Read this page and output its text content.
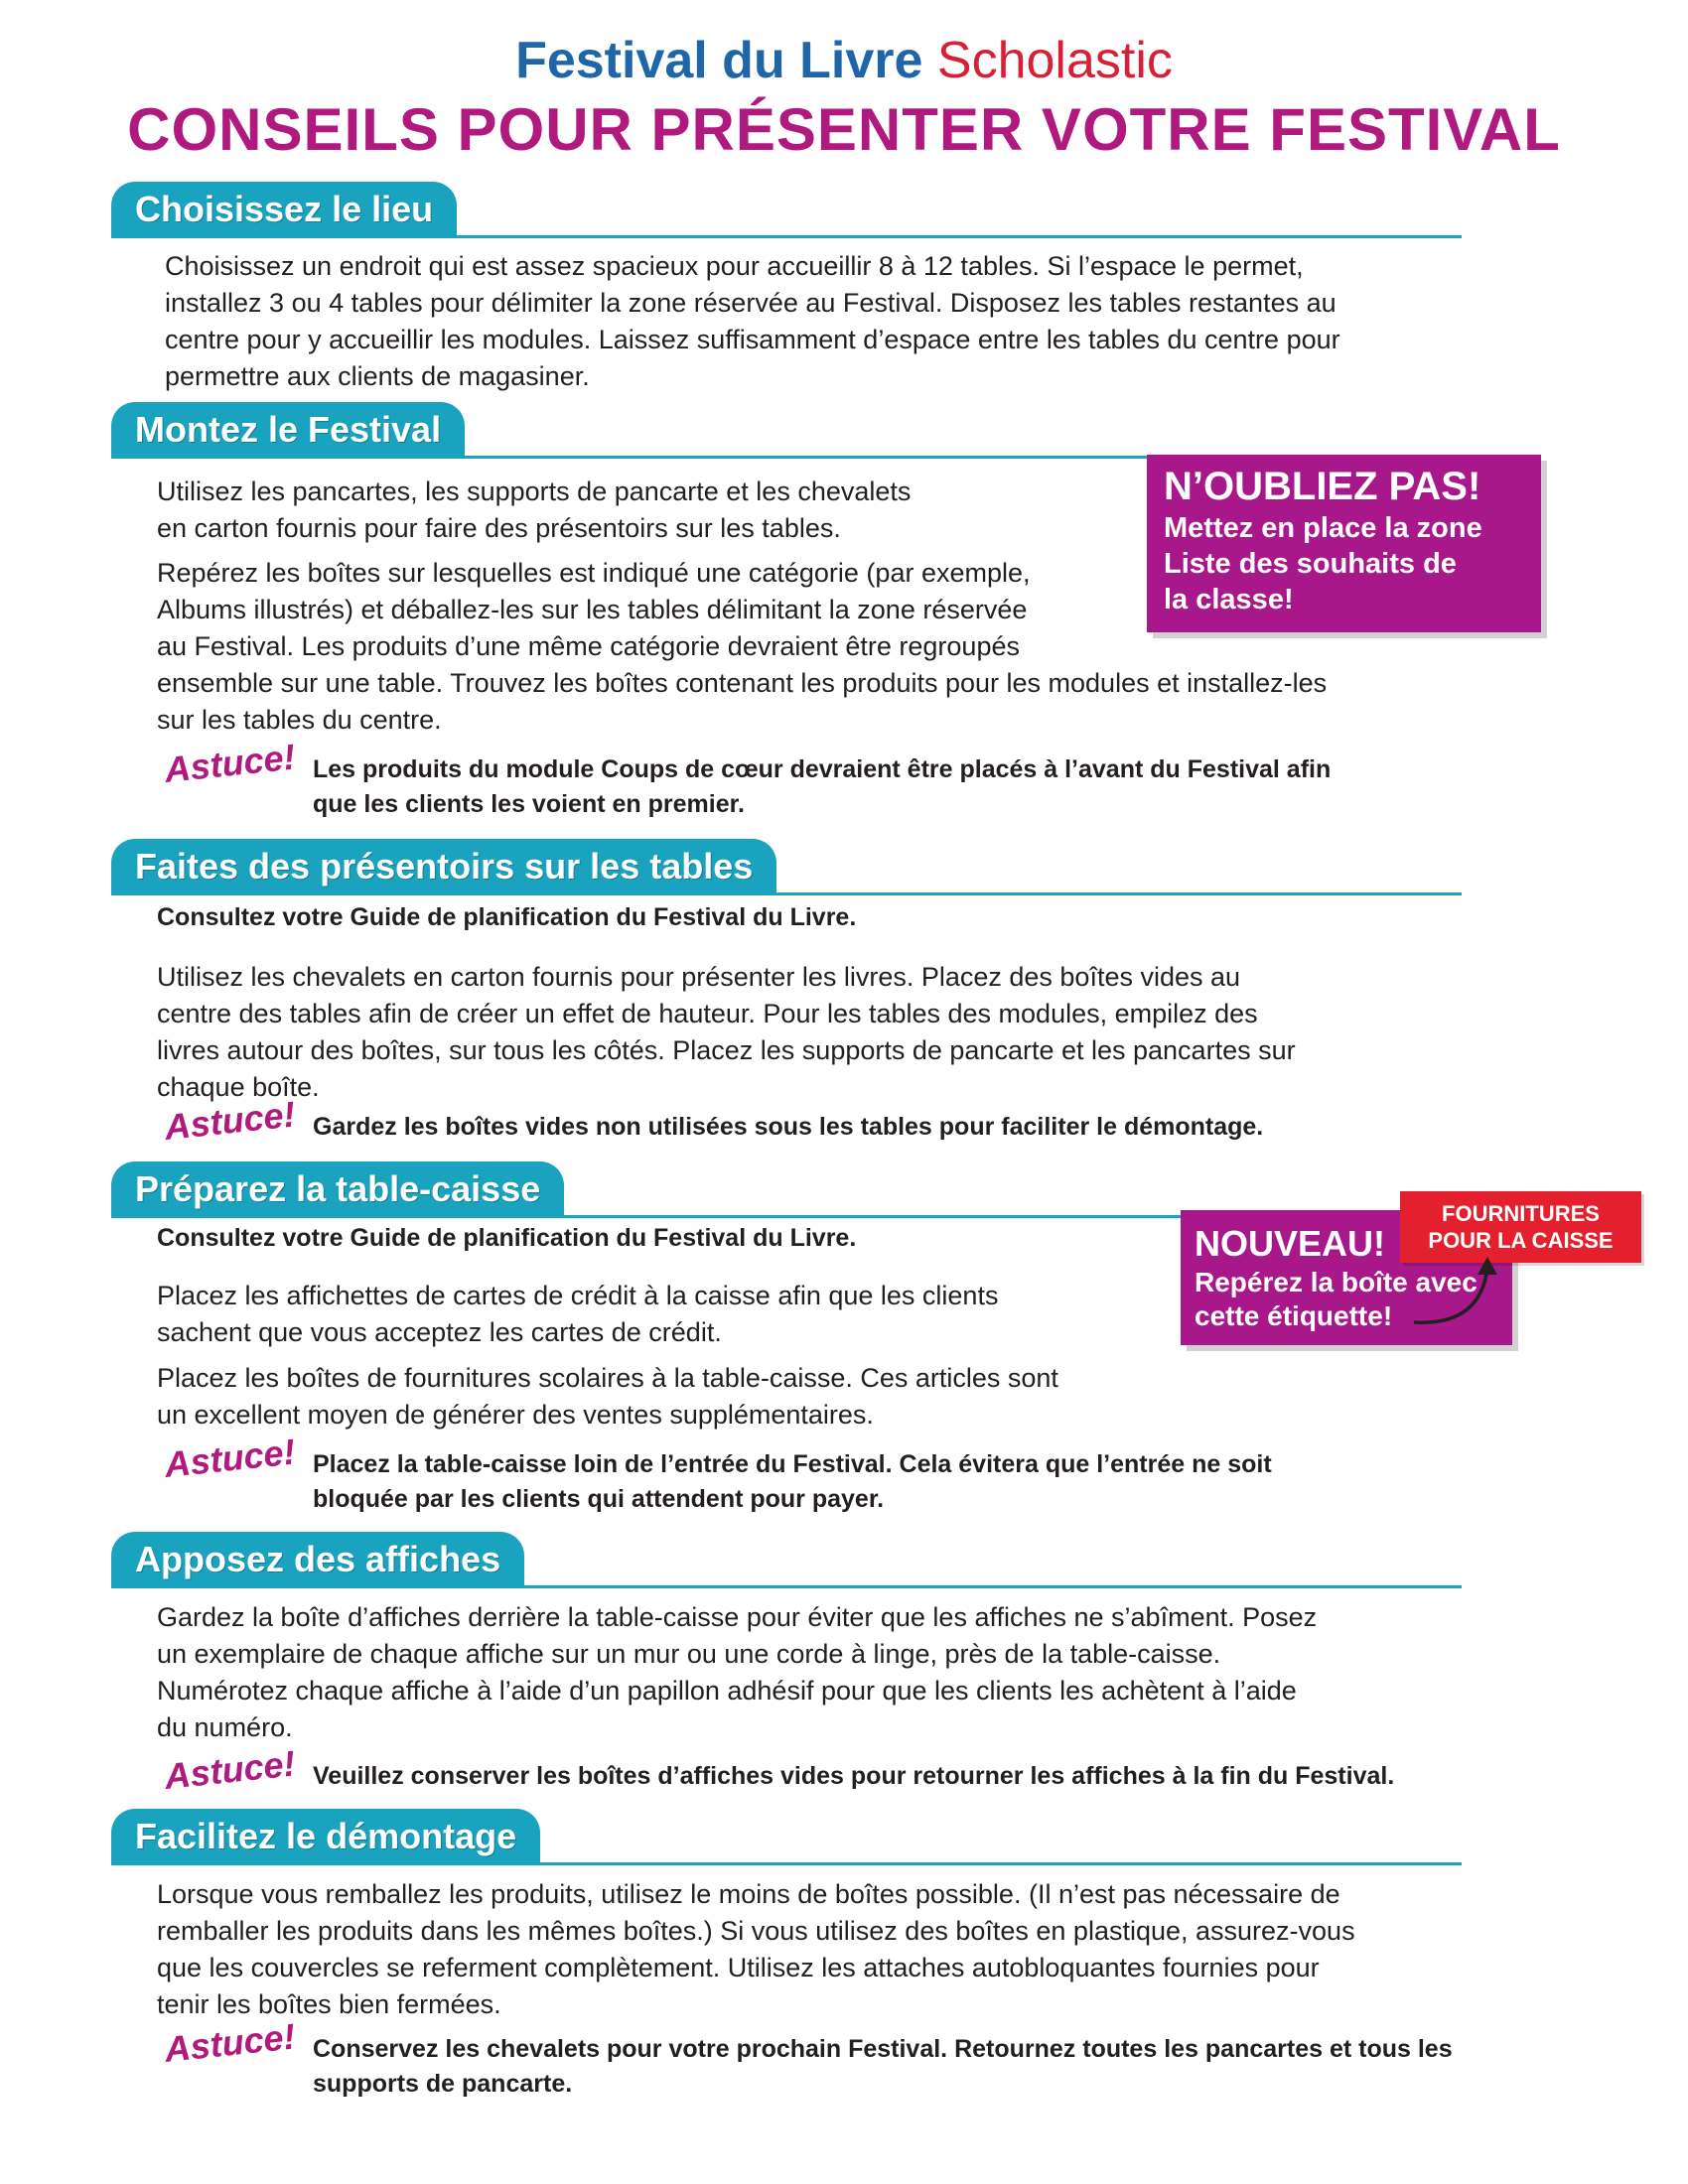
Festival du Livre Scholastic
CONSEILS POUR PRÉSENTER VOTRE FESTIVAL
Choisissez le lieu
Choisissez un endroit qui est assez spacieux pour accueillir 8 à 12 tables. Si l’espace le permet,
installez 3 ou 4 tables pour délimiter la zone réservée au Festival. Disposez les tables restantes au
centre pour y accueillir les modules. Laissez suffisamment d’espace entre les tables du centre pour
permettre aux clients de magasiner.
Montez le Festival
Utilisez les pancartes, les supports de pancarte et les chevalets
en carton fournis pour faire des présentoirs sur les tables.
Repérez les boîtes sur lesquelles est indiqué une catégorie (par exemple,
Albums illustrés) et déballez-les sur les tables délimitant la zone réservée
au Festival. Les produits d’une même catégorie devraient être regroupés
ensemble sur une table. Trouvez les boîtes contenant les produits pour les modules et installez-les
sur les tables du centre.
N’OUBLIEZ PAS!
Mettez en place la zone
Liste des souhaits de
la classe!
Astuce! Les produits du module Coups de cœur devraient être placés à l’avant du Festival afin
que les clients les voient en premier.
Faites des présentoirs sur les tables
Consultez votre Guide de planification du Festival du Livre.
Utilisez les chevalets en carton fournis pour présenter les livres. Placez des boîtes vides au
centre des tables afin de créer un effet de hauteur. Pour les tables des modules, empilez des
livres autour des boîtes, sur tous les côtés. Placez les supports de pancarte et les pancartes sur
chaque boîte.
Astuce! Gardez les boîtes vides non utilisées sous les tables pour faciliter le démontage.
Préparez la table-caisse
Consultez votre Guide de planification du Festival du Livre.
Placez les affichettes de cartes de crédit à la caisse afin que les clients
sachent que vous acceptez les cartes de crédit.
Placez les boîtes de fournitures scolaires à la table-caisse. Ces articles sont
un excellent moyen de générer des ventes supplémentaires.
NOUVEAU!
Repérez la boîte avec
cette étiquette!
FOURNITURES
POUR LA CAISSE
Astuce! Placez la table-caisse loin de l’entrée du Festival. Cela évitera que l’entrée ne soit
bloquée par les clients qui attendent pour payer.
Apposez des affiches
Gardez la boîte d’affiches derrière la table-caisse pour éviter que les affiches ne s’abîment. Posez
un exemplaire de chaque affiche sur un mur ou une corde à linge, près de la table-caisse.
Numérotez chaque affiche à l’aide d’un papillon adhésif pour que les clients les achètent à l’aide
du numéro.
Astuce! Veuillez conserver les boîtes d’affiches vides pour retourner les affiches à la fin du Festival.
Facilitez le démontage
Lorsque vous remballez les produits, utilisez le moins de boîtes possible. (Il n’est pas nécessaire de
remballer les produits dans les mêmes boîtes.) Si vous utilisez des boîtes en plastique, assurez-vous
que les couvercles se referment complètement. Utilisez les attaches autobloquantes fournies pour
tenir les boîtes bien fermées.
Astuce! Conservez les chevalets pour votre prochain Festival. Retournez toutes les pancartes et tous les
supports de pancarte.
